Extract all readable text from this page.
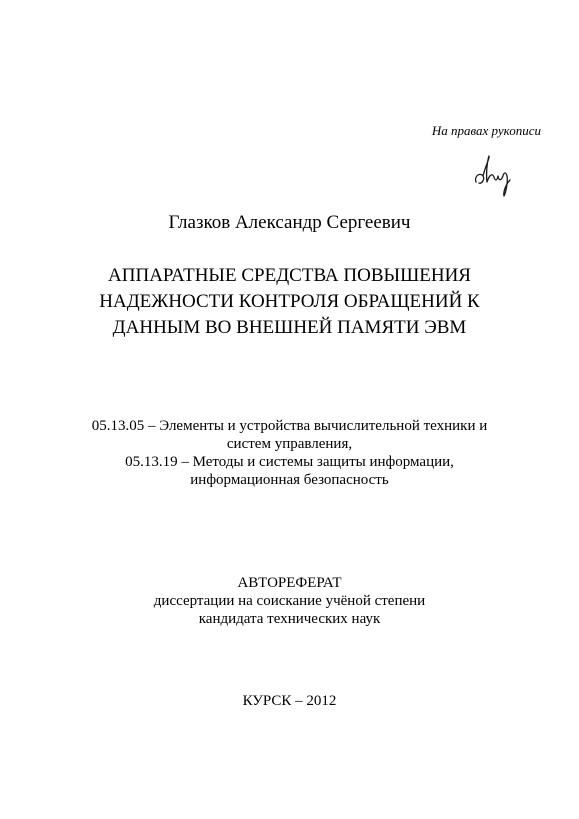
На правах рукописи
Глазков Александр Сергеевич
АППАРАТНЫЕ СРЕДСТВА ПОВЫШЕНИЯ
НАДЕЖНОСТИ КОНТРОЛЯ ОБРАЩЕНИЙ К
ДАННЫМ ВО ВНЕШНЕЙ ПАМЯТИ ЭВМ
05.13.05 – Элементы и устройства вычислительной техники и
систем управления,
05.13.19 – Методы и системы защиты информации,
информационная безопасность
АВТОРЕФЕРАТ
диссертации на соискание учёной степени
кандидата технических наук
КУРСК – 2012
